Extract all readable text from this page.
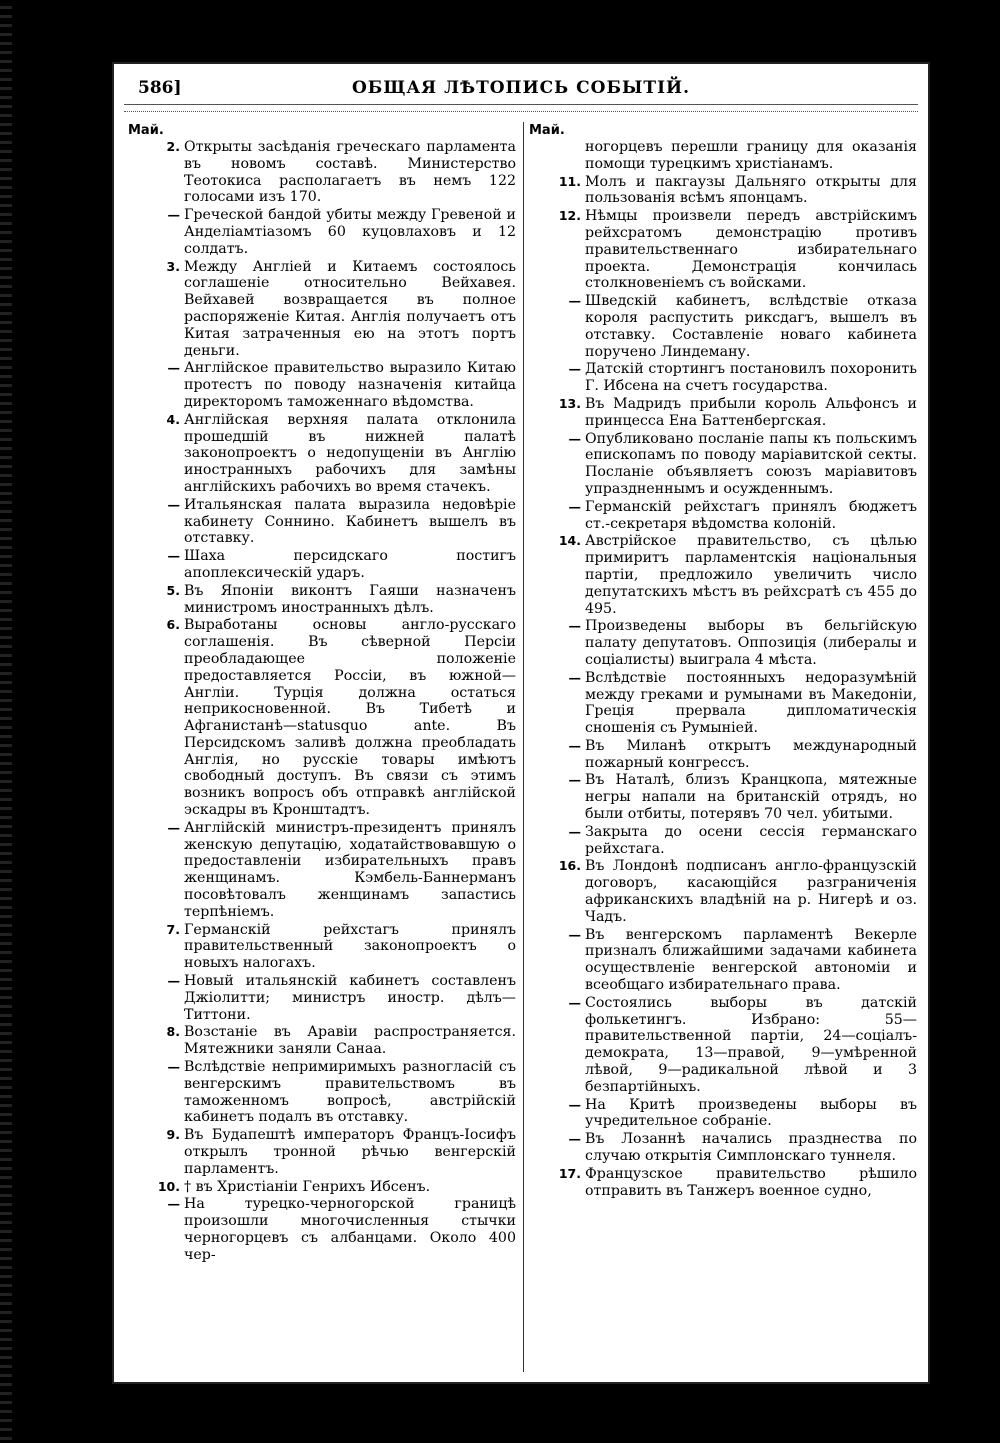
586]	ОБЩАЯ ЛѢТОПИСЬ СОБЫТІЙ.
Май.
2. Открыты засѣданія греческаго парламента въ новомъ составѣ. Министерство Теотокиса располагаетъ въ немъ 122 голосами изъ 170.
— Греческой бандой убиты между Гревеной и Анделіамтіазомъ 60 куцовлаховъ и 12 солдатъ.
3. Между Англіей и Китаемъ состоялось соглашеніе относительно Вейхавея. Вейхавей возвращается въ полное распоряженіе Китая. Англія получаетъ отъ Китая затраченныя ею на этотъ портъ деньги.
— Англійское правительство выразило Китаю протестъ по поводу назначенія китайца директоромъ таможеннаго вѣдомства.
4. Англійская верхняя палата отклонила прошедшій въ нижней палатѣ законопроектъ о недопущеніи въ Англію иностранныхъ рабочихъ для замѣны англійскихъ рабочихъ во время стачекъ.
— Итальянская палата выразила недовѣріе кабинету Соннино. Кабинетъ вышелъ въ отставку.
— Шаха персидскаго постигъ апоплексическій ударъ.
5. Въ Японіи виконтъ Гаяши назначенъ министромъ иностранныхъ дѣлъ.
6. Выработаны основы англо-русскаго соглашенія. Въ сѣверной Персіи преобладающее положеніе предоставляется Россіи, въ южной—Англіи. Турція должна остаться неприкосновенной. Въ Тибетѣ и Афганистанѣ—statusquo ante. Въ Персидскомъ заливѣ должна преобладать Англія, но русскіе товары имѣютъ свободный доступъ. Въ связи съ этимъ возникъ вопросъ объ отправкѣ англійской эскадры въ Кронштадтъ.
— Англійскій министръ-президентъ принялъ женскую депутацію, ходатайствовавшую о предоставленіи избирательныхъ правъ женщинамъ. Кэмбель-Баннерманъ посовѣтовалъ женщинамъ запастись терпѣніемъ.
7. Германскій рейхстагъ принялъ правительственный законопроектъ о новыхъ налогахъ.
— Новый итальянскій кабинетъ составленъ Джіолитти; министръ иностр. дѣлъ—Титтони.
8. Возстаніе въ Аравіи распространяется. Мятежники заняли Санаа.
— Вслѣдствіе непримиримыхъ разногласій съ венгерскимъ правительствомъ въ таможенномъ вопросѣ, австрійскій кабинетъ подалъ въ отставку.
9. Въ Будапештѣ императоръ Францъ-Іосифъ открылъ тронной рѣчью венгерскій парламентъ.
10. † въ Христіаніи Генрихъ Ибсенъ.
— На турецко-черногорской границѣ произошли многочисленныя стычки черногорцевъ съ албанцами. Около 400 чер-
Май.
ногорцевъ перешли границу для оказанія помощи турецкимъ христіанамъ.
11. Молъ и пакгаузы Дальняго открыты для пользованія всѣмъ японцамъ.
12. Нѣмцы произвели передъ австрійскимъ рейхсратомъ демонстрацію противъ правительственнаго избирательнаго проекта. Демонстрація кончилась столкновеніемъ съ войсками.
— Шведскій кабинетъ, вслѣдствіе отказа короля распустить риксдагъ, вышелъ въ отставку. Составленіе новаго кабинета поручено Линдеману.
— Датскій стортингъ постановилъ похоронить Г. Ибсена на счетъ государства.
13. Въ Мадридъ прибыли король Альфонсъ и принцесса Ена Баттенбергская.
— Опубликовано посланіе папы къ польскимъ епископамъ по поводу маріавитской секты. Посланіе объявляетъ союзъ маріавитовъ упраздненнымъ и осужденнымъ.
— Германскій рейхстагъ принялъ бюджетъ ст.-секретаря вѣдомства колоній.
14. Австрійское правительство, съ цѣлью примиритъ парламентскія національныя партіи, предложило увеличить число депутатскихъ мѣстъ въ рейхсратѣ съ 455 до 495.
— Произведены выборы въ бельгійскую палату депутатовъ. Оппозиція (либералы и соціалисты) выиграла 4 мѣста.
— Вслѣдствіе постоянныхъ недоразумѣній между греками и румынами въ Македоніи, Греція прервала дипломатическія сношенія съ Румыніей.
— Въ Миланѣ открытъ международный пожарный конгрессъ.
— Въ Наталѣ, близъ Кранцкопа, мятежные негры напали на британскій отрядъ, но были отбиты, потерявъ 70 чел. убитыми.
— Закрыта до осени сессія германскаго рейхстага.
16. Въ Лондонѣ подписанъ англо-французскій договоръ, касающійся разграниченія африканскихъ владѣній на р. Нигерѣ и оз. Чадъ.
— Въ венгерскомъ парламентѣ Векерле призналъ ближайшими задачами кабинета осуществленіе венгерской автономіи и всеобщаго избирательнаго права.
— Состоялись выборы въ датскій фолькетингъ. Избрано: 55—правительственной партіи, 24—соціалъ-демократа, 13—правой, 9—умѣренной лѣвой, 9—радикальной лѣвой и 3 безпартійныхъ.
— На Критѣ произведены выборы въ учредительное собраніе.
— Въ Лозаннѣ начались празднества по случаю открытія Симплонскаго туннеля.
17. Французское правительство рѣшило отправить въ Танжеръ военное судно,
